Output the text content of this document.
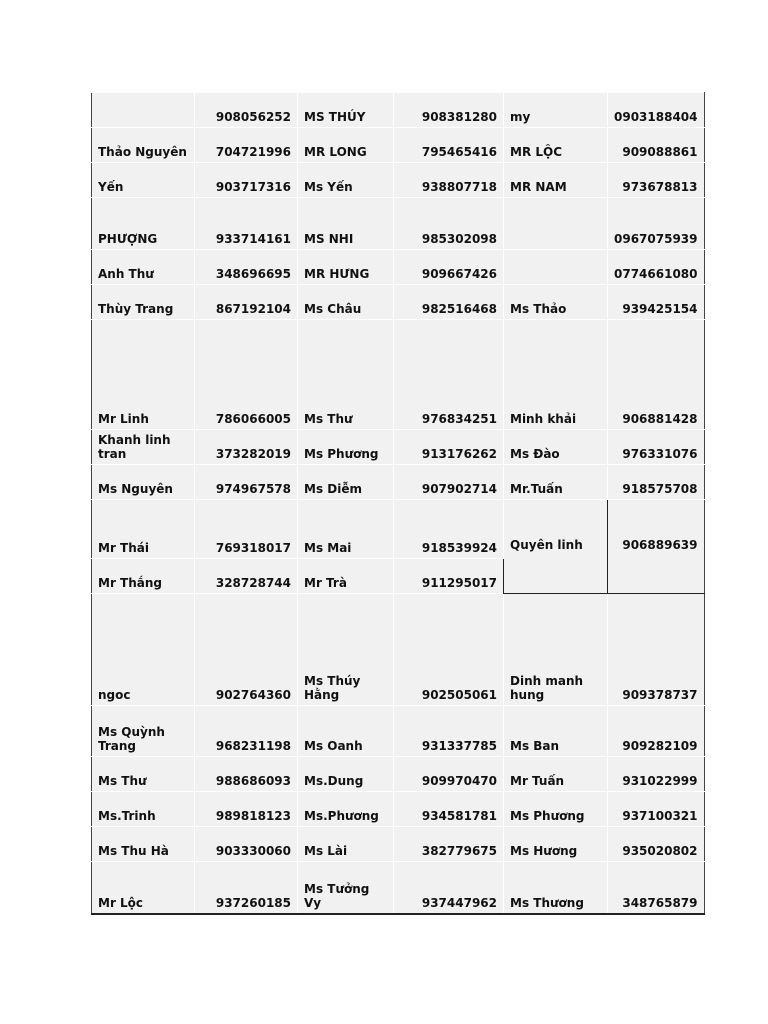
	908056252	MS THÚY	908381280	my	0903188404
Thảo Nguyên	704721996	MR LONG	795465416	MR LỘC	909088861
Yến	903717316	Ms Yến	938807718	MR NAM	973678813
PHƯỢNG	933714161	MS NHI	985302098		0967075939
Anh Thư	348696695	MR HƯNG	909667426		0774661080
Thùy Trang	867192104	Ms Châu	982516468	Ms Thảo	939425154
Mr Linh	786066005	Ms Thư	976834251	Minh khải	906881428
Khanh linh tran	373282019	Ms Phương	913176262	Ms Đào	976331076
Ms Nguyên	974967578	Ms Diễm	907902714	Mr.Tuấn	918575708
Mr Thái	769318017	Ms Mai	918539924	Quyên linh	906889639
Mr Thắng	328728744	Mr Trà	911295017		
ngoc	902764360	Ms Thúy Hằng	902505061	Dinh manh hung	909378737
Ms Quỳnh Trang	968231198	Ms Oanh	931337785	Ms Ban	909282109
Ms Thư	988686093	Ms.Dung	909970470	Mr Tuấn	931022999
Ms.Trinh	989818123	Ms.Phương	934581781	Ms Phương	937100321
Ms Thu Hà	903330060	Ms Lài	382779675	Ms Hương	935020802
Mr Lộc	937260185	Ms Tưởng Vy	937447962	Ms Thương	348765879
